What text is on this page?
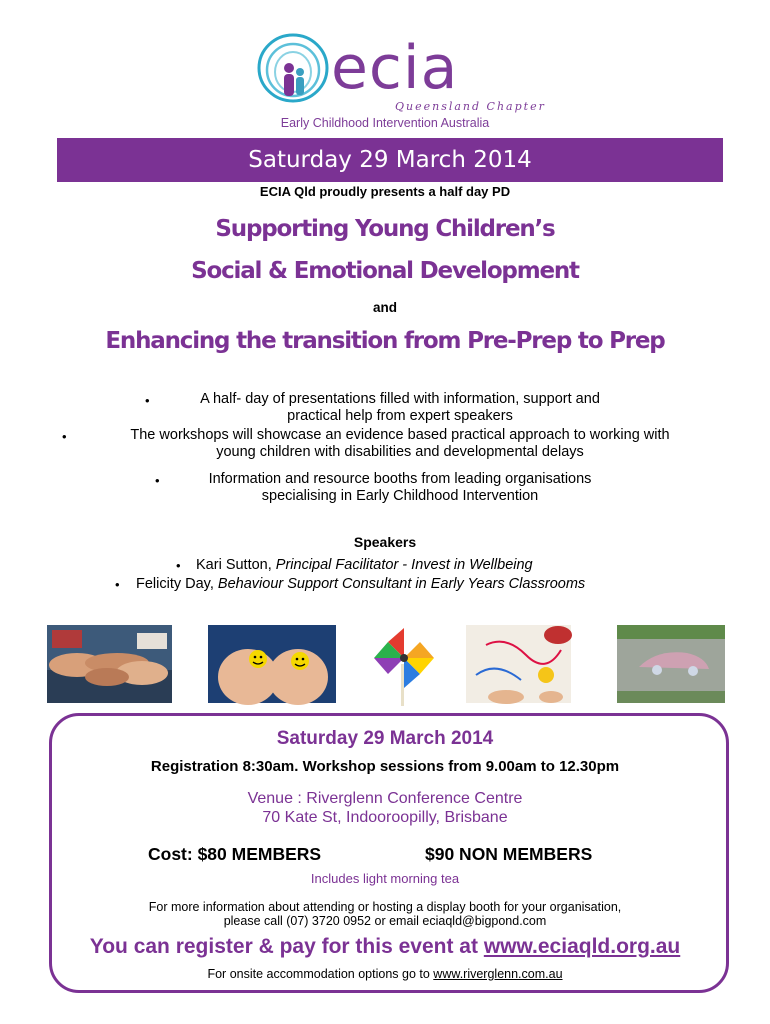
ecia
Queensland Chapter
Early Childhood Intervention Australia
Saturday 29 March 2014
ECIA Qld proudly presents a half day PD
Supporting Young Children’s
Social & Emotional Development
and
Enhancing the transition from Pre-Prep to Prep
•	A half- day of presentations filled with information, support and
practical help from expert speakers
•	The workshops will showcase an evidence based practical approach to working with
young children with disabilities and developmental delays
•	Information and resource booths from leading organisations
specialising in Early Childhood Intervention
Speakers
• Kari Sutton, Principal Facilitator - Invest in Wellbeing
• Felicity Day, Behaviour Support Consultant in Early Years Classrooms
Saturday 29 March 2014
Registration 8:30am. Workshop sessions from 9.00am to 12.30pm
Venue : Riverglenn Conference Centre
70 Kate St, Indooroopilly, Brisbane
Cost: $80 MEMBERS	$90 NON MEMBERS
Includes light morning tea
For more information about attending or hosting a display booth for your organisation,
please call (07) 3720 0952 or email eciaqld@bigpond.com
You can register & pay for this event at www.eciaqld.org.au
For onsite accommodation options go to www.riverglenn.com.au
